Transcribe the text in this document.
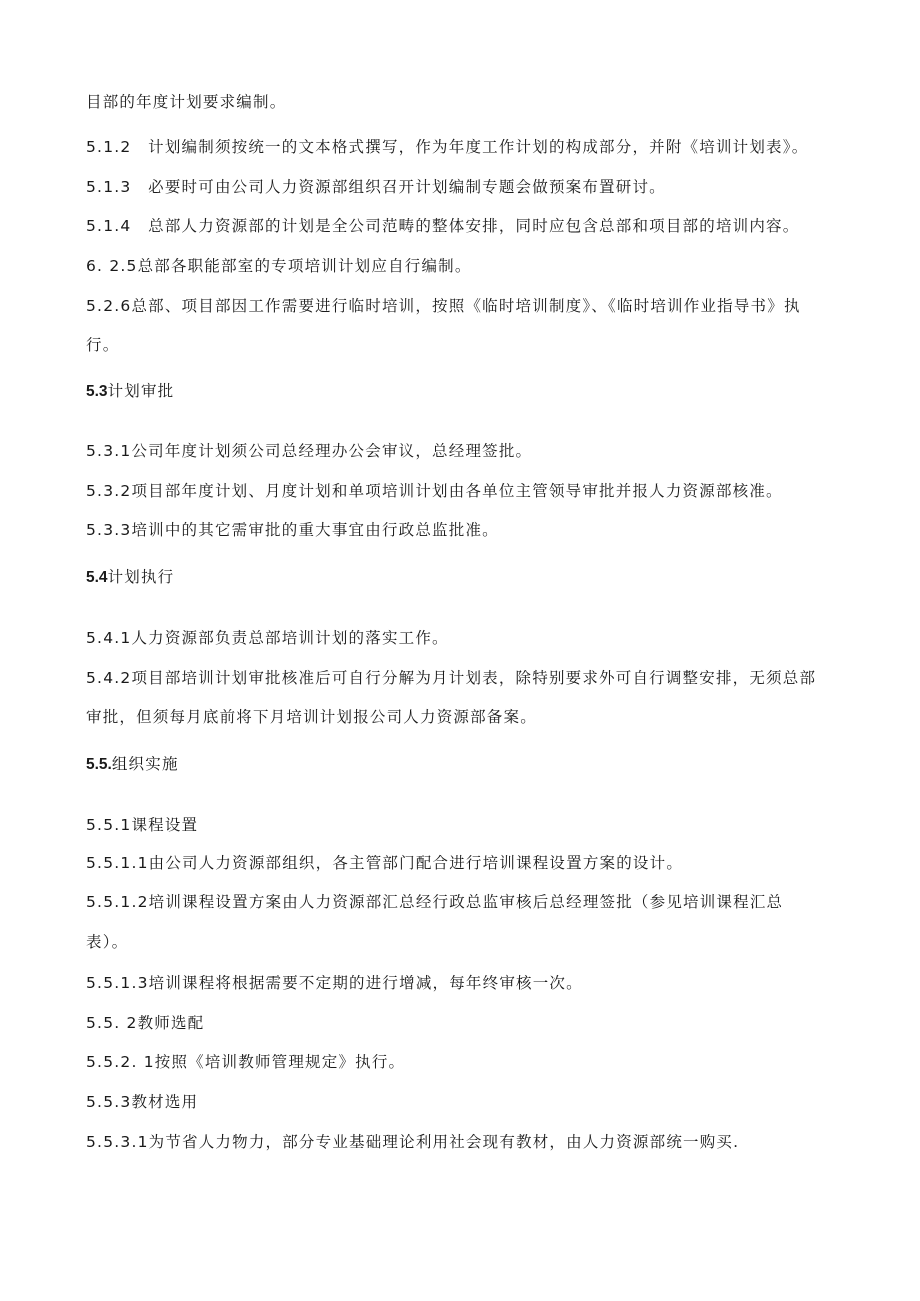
目部的年度计划要求编制。
5.1.2　计划编制须按统一的文本格式撰写，作为年度工作计划的构成部分，并附《培训计划表》。
5.1.3　必要时可由公司人力资源部组织召开计划编制专题会做预案布置研讨。
5.1.4　总部人力资源部的计划是全公司范畴的整体安排，同时应包含总部和项目部的培训内容。
6. 2.5总部各职能部室的专项培训计划应自行编制。
5.2.6总部、项目部因工作需要进行临时培训，按照《临时培训制度》、《临时培训作业指导书》执
行。
5.3计划审批
5.3.1公司年度计划须公司总经理办公会审议，总经理签批。
5.3.2项目部年度计划、月度计划和单项培训计划由各单位主管领导审批并报人力资源部核准。
5.3.3培训中的其它需审批的重大事宜由行政总监批准。
5.4计划执行
5.4.1人力资源部负责总部培训计划的落实工作。
5.4.2项目部培训计划审批核准后可自行分解为月计划表，除特别要求外可自行调整安排，无须总部
审批，但须每月底前将下月培训计划报公司人力资源部备案。
5.5.组织实施
5.5.1课程设置
5.5.1.1由公司人力资源部组织，各主管部门配合进行培训课程设置方案的设计。
5.5.1.2培训课程设置方案由人力资源部汇总经行政总监审核后总经理签批（参见培训课程汇总
表）。
5.5.1.3培训课程将根据需要不定期的进行增减，每年终审核一次。
5.5. 2教师选配
5.5.2. 1按照《培训教师管理规定》执行。
5.5.3教材选用
5.5.3.1为节省人力物力，部分专业基础理论利用社会现有教材，由人力资源部统一购买.
